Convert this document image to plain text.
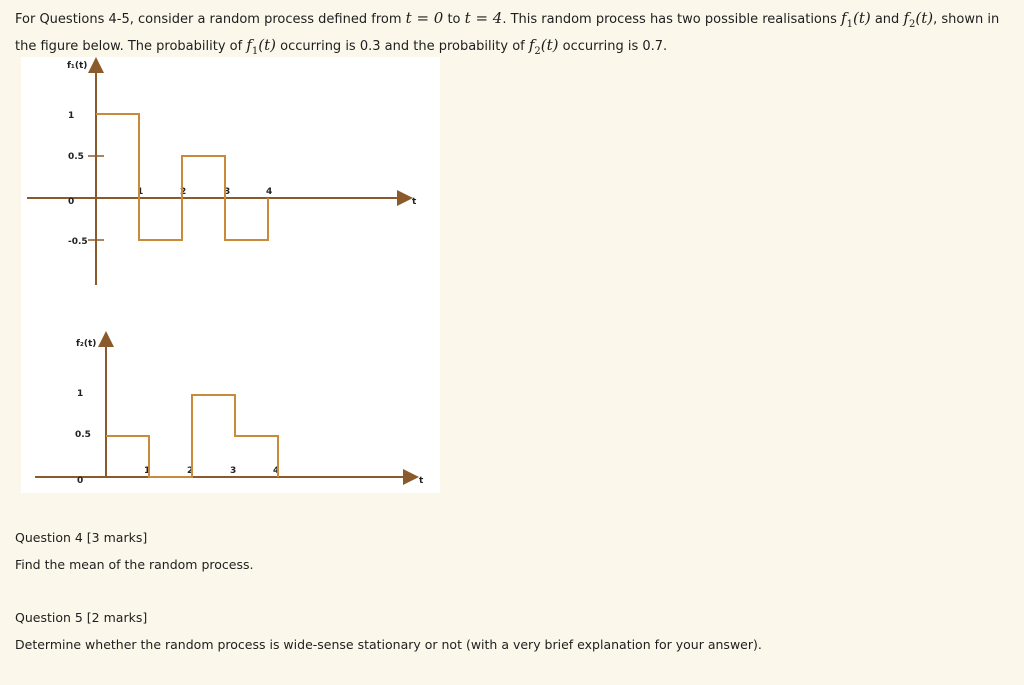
For Questions 4-5, consider a random process defined from t = 0 to t = 4. This random process has two possible realisations $f_1(t)$ and $f_2(t)$, shown in the figure below. The probability of $f_1(t)$ occurring is 0.3 and the probability of $f_2(t)$ occurring is 0.7.
f₁(t)
1
0.5
0
-0.5
1	2	3	4
t
f₂(t)
1
0.5
0
1	2	3	4
t
Question 4 [3 marks]
Find the mean of the random process.
Question 5 [2 marks]
Determine whether the random process is wide-sense stationary or not (with a very brief explanation for your answer).
